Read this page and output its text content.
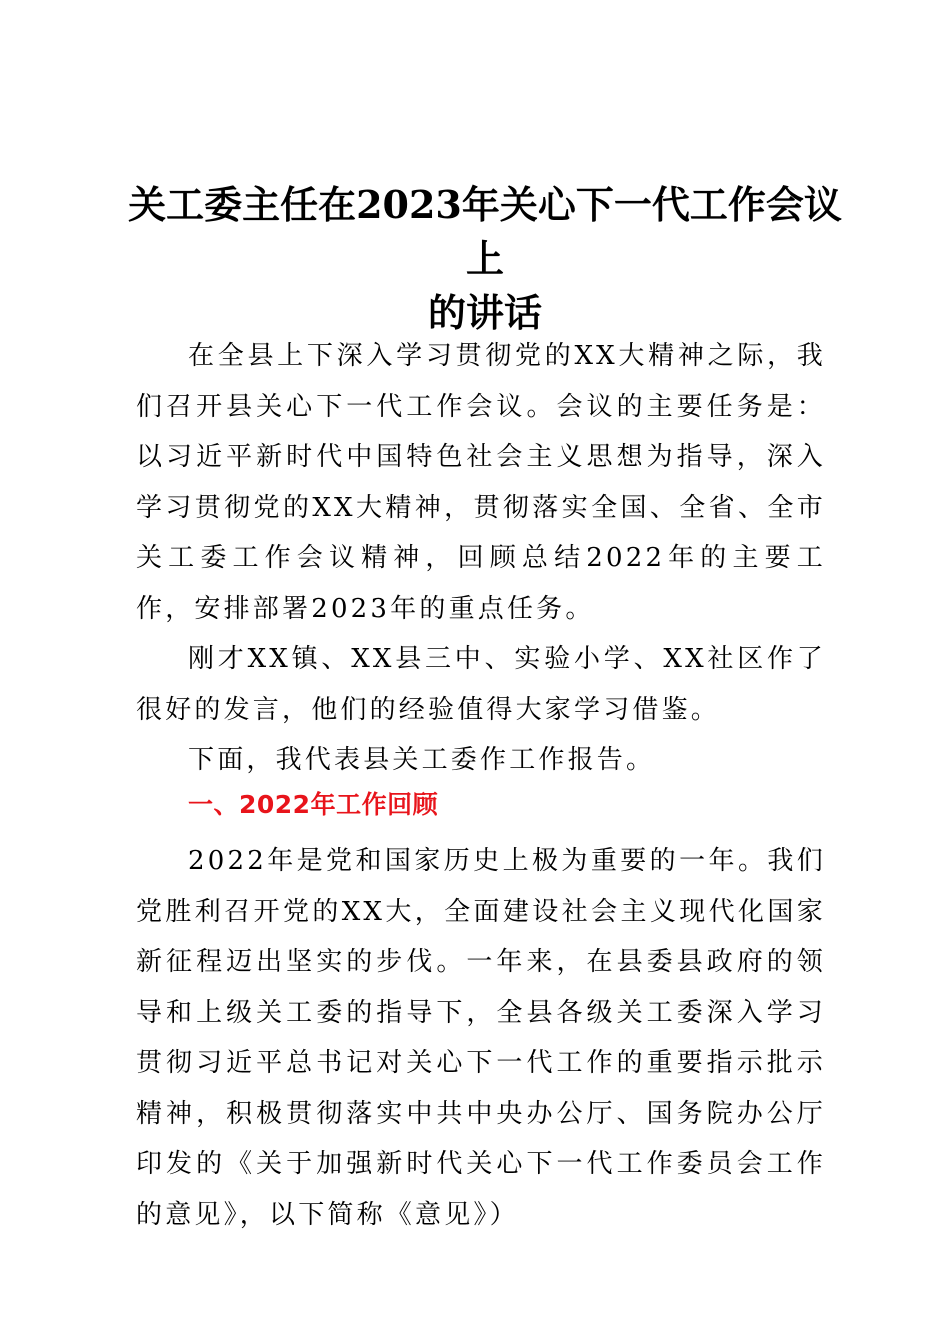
关工委主任在2023年关心下一代工作会议上
的讲话

在全县上下深入学习贯彻党的XX大精神之际，我们召开县关心下一代工作会议。会议的主要任务是：以习近平新时代中国特色社会主义思想为指导，深入学习贯彻党的XX大精神，贯彻落实全国、全省、全市关工委工作会议精神，回顾总结2022年的主要工作，安排部署2023年的重点任务。

刚才XX镇、XX县三中、实验小学、XX社区作了很好的发言，他们的经验值得大家学习借鉴。

下面，我代表县关工委作工作报告。

一、2022年工作回顾

2022年是党和国家历史上极为重要的一年。我们党胜利召开党的XX大，全面建设社会主义现代化国家新征程迈出坚实的步伐。一年来，在县委县政府的领导和上级关工委的指导下，全县各级关工委深入学习贯彻习近平总书记对关心下一代工作的重要指示批示精神，积极贯彻落实中共中央办公厅、国务院办公厅印发的《关于加强新时代关心下一代工作委员会工作的意见》，以下简称《意见》）
